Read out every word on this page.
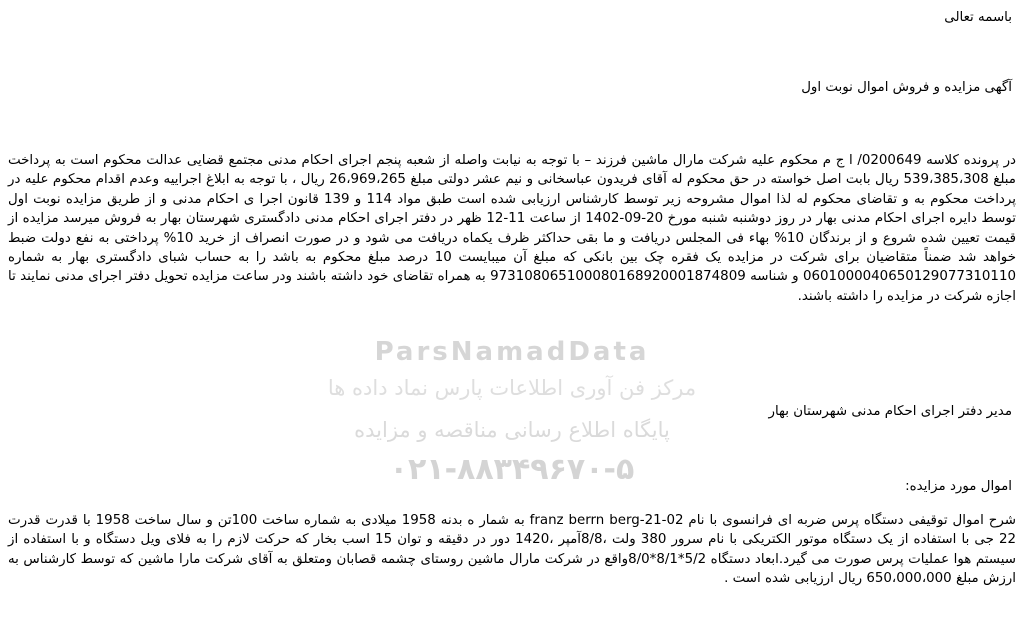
ParsNamadData
مرکز فن آوری اطلاعات پارس نماد داده ها
پایگاه اطلاع رسانی مناقصه و مزایده
۰۲۱-۸۸۳۴۹۶۷۰-۵
باسمه تعالی
آگهی مزایده و فروش اموال نوبت اول
در پرونده کلاسه 0200649/ ا ج م محکوم علیه شرکت مارال ماشین فرزند – با توجه به نیابت واصله از شعبه پنجم اجرای احکام مدنی مجتمع قضایی عدالت محکوم است به پرداخت مبلغ 539،385،308 ریال بابت اصل خواسته در حق محکوم له آقای فریدون عباسخانی و نیم عشر دولتی مبلغ 26،969،265 ریال ، با توجه به ابلاغ اجراییه وعدم اقدام محکوم علیه در پرداخت محکوم به و تقاضای محکوم له لذا اموال مشروحه زیر توسط کارشناس ارزیابی شده است طبق مواد 114 و 139 قانون اجرا ی احکام مدنی و از طریق مزایده نوبت اول توسط دایره اجرای احکام مدنی بهار در روز دوشنبه شنبه مورخ 20-09-1402 از ساعت 11-12 ظهر در دفتر اجرای احکام مدنی دادگستری شهرستان بهار به فروش میرسد مزایده از قیمت تعیین شده شروع و از برندگان 10% بهاء فی المجلس دریافت و ما بقی حداکثر ظرف یکماه دریافت می شود و در صورت انصراف از خرید 10% پرداختی به نفع دولت ضبط خواهد شد ضمناً متقاضیان برای شرکت در مزایده یک فقره چک بین بانکی که مبلغ آن میبایست 10 درصد مبلغ محکوم به باشد را به حساب شبای دادگستری بهار به شماره 0601000040650129077310110 و شناسه 973108065100080168920001874809 به همراه تقاضای خود داشته باشند ودر ساعت مزایده تحویل دفتر اجرای مدنی نمایند تا اجازه شرکت در مزایده را داشته باشند.
مدیر دفتر اجرای احکام مدنی شهرستان بهار
اموال مورد مزایده:
شرح اموال توقیفی دستگاه پرس ضربه ای فرانسوی با نام franz berrn berg-21-02 به شمار ه بدنه 1958 میلادی به شماره ساخت 100تن و سال ساخت 1958 با قدرت قدرت 22 جی با استفاده از یک دستگاه موتور الکتریکی با نام سرور 380 ولت ،8/8آمپر ،1420 دور در دقیقه و توان 15 اسب بخار که حرکت لازم را به فلای ویل دستگاه و با استفاده از سیستم هوا عملیات پرس صورت می گیرد.ابعاد دستگاه 5/2*8/1*8/0واقع در شرکت مارال ماشین روستای چشمه قصابان ومتعلق به آقای شرکت مارا ماشین که توسط کارشناس به ارزش مبلغ 650،000،000 ریال ارزیابی شده است .
